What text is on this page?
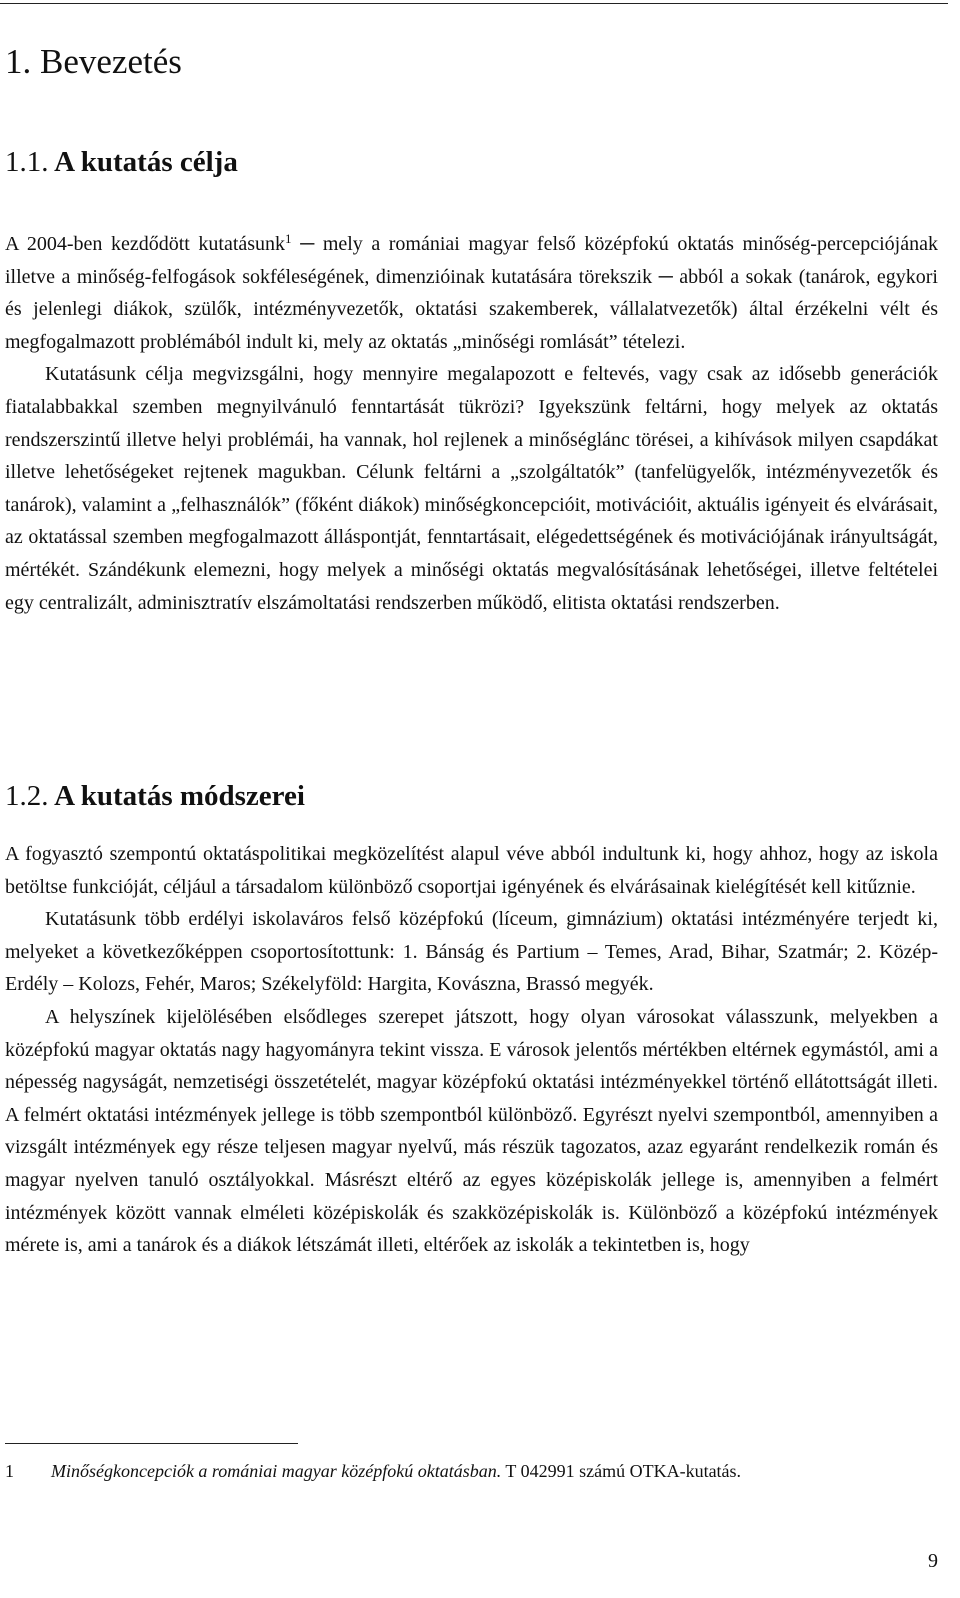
1. Bevezetés
1.1. A kutatás célja

A 2004-ben kezdődött kutatásunk$^1$ ─ mely a romániai magyar felső középfokú oktatás minőség-percepciójának illetve a minőség-felfogások sokféleségének, dimenzióinak kutatására törekszik ─ abból a sokak (tanárok, egykori és jelenlegi diákok, szülők, intézményvezetők, oktatási szakemberek, vállalatvezetők) által érzékelni vélt és megfogalmazott problémából indult ki, mely az oktatás „minőségi romlását” tételezi.

Kutatásunk célja megvizsgálni, hogy mennyire megalapozott e feltevés, vagy csak az idősebb generációk fiatalabbakkal szemben megnyilvánuló fenntartását tükrözi? Igyekszünk feltárni, hogy melyek az oktatás rendszerszintű illetve helyi problémái, ha vannak, hol rejlenek a minőséglánc törései, a kihívások milyen csapdákat illetve lehetőségeket rejtenek magukban. Célunk feltárni a „szolgáltatók” (tanfelügyelők, intézményvezetők és tanárok), valamint a „felhasználók” (főként diákok) minőségkoncepcióit, motivációit, aktuális igényeit és elvárásait, az oktatással szemben megfogalmazott álláspontját, fenntartásait, elégedettségének és motivációjának irányultságát, mértékét. Szándékunk elemezni, hogy melyek a minőségi oktatás megvalósításának lehetőségei, illetve feltételei egy centralizált, adminisztratív elszámoltatási rendszerben működő, elitista oktatási rendszerben.

1.2. A kutatás módszerei

A fogyasztó szempontú oktatáspolitikai megközelítést alapul véve abból indultunk ki, hogy ahhoz, hogy az iskola betöltse funkcióját, céljául a társadalom különböző csoportjai igényének és elvárásainak kielégítését kell kitűznie.

Kutatásunk több erdélyi iskolaváros felső középfokú (líceum, gimnázium) oktatási intézményére terjedt ki, melyeket a következőképpen csoportosítottunk: 1. Bánság és Partium – Temes, Arad, Bihar, Szatmár; 2. Közép-Erdély – Kolozs, Fehér, Maros; Székelyföld: Hargita, Kovászna, Brassó megyék.

A helyszínek kijelölésében elsődleges szerepet játszott, hogy olyan városokat válasszunk, melyekben a középfokú magyar oktatás nagy hagyományra tekint vissza. E városok jelentős mértékben eltérnek egymástól, ami a népesség nagyságát, nemzetiségi összetételét, magyar középfokú oktatási intézményekkel történő ellátottságát illeti. A felmért oktatási intézmények jellege is több szempontból különböző. Egyrészt nyelvi szempontból, amennyiben a vizsgált intézmények egy része teljesen magyar nyelvű, más részük tagozatos, azaz egyaránt rendelkezik román és magyar nyelven tanuló osztályokkal. Másrészt eltérő az egyes középiskolák jellege is, amennyiben a felmért intézmények között vannak elméleti középiskolák és szakközépiskolák is. Különböző a középfokú intézmények mérete is, ami a tanárok és a diákok létszámát illeti, eltérőek az iskolák a tekintetben is, hogy

1 Minőségkoncepciók a romániai magyar középfokú oktatásban. T 042991 számú OTKA-kutatás.
9
